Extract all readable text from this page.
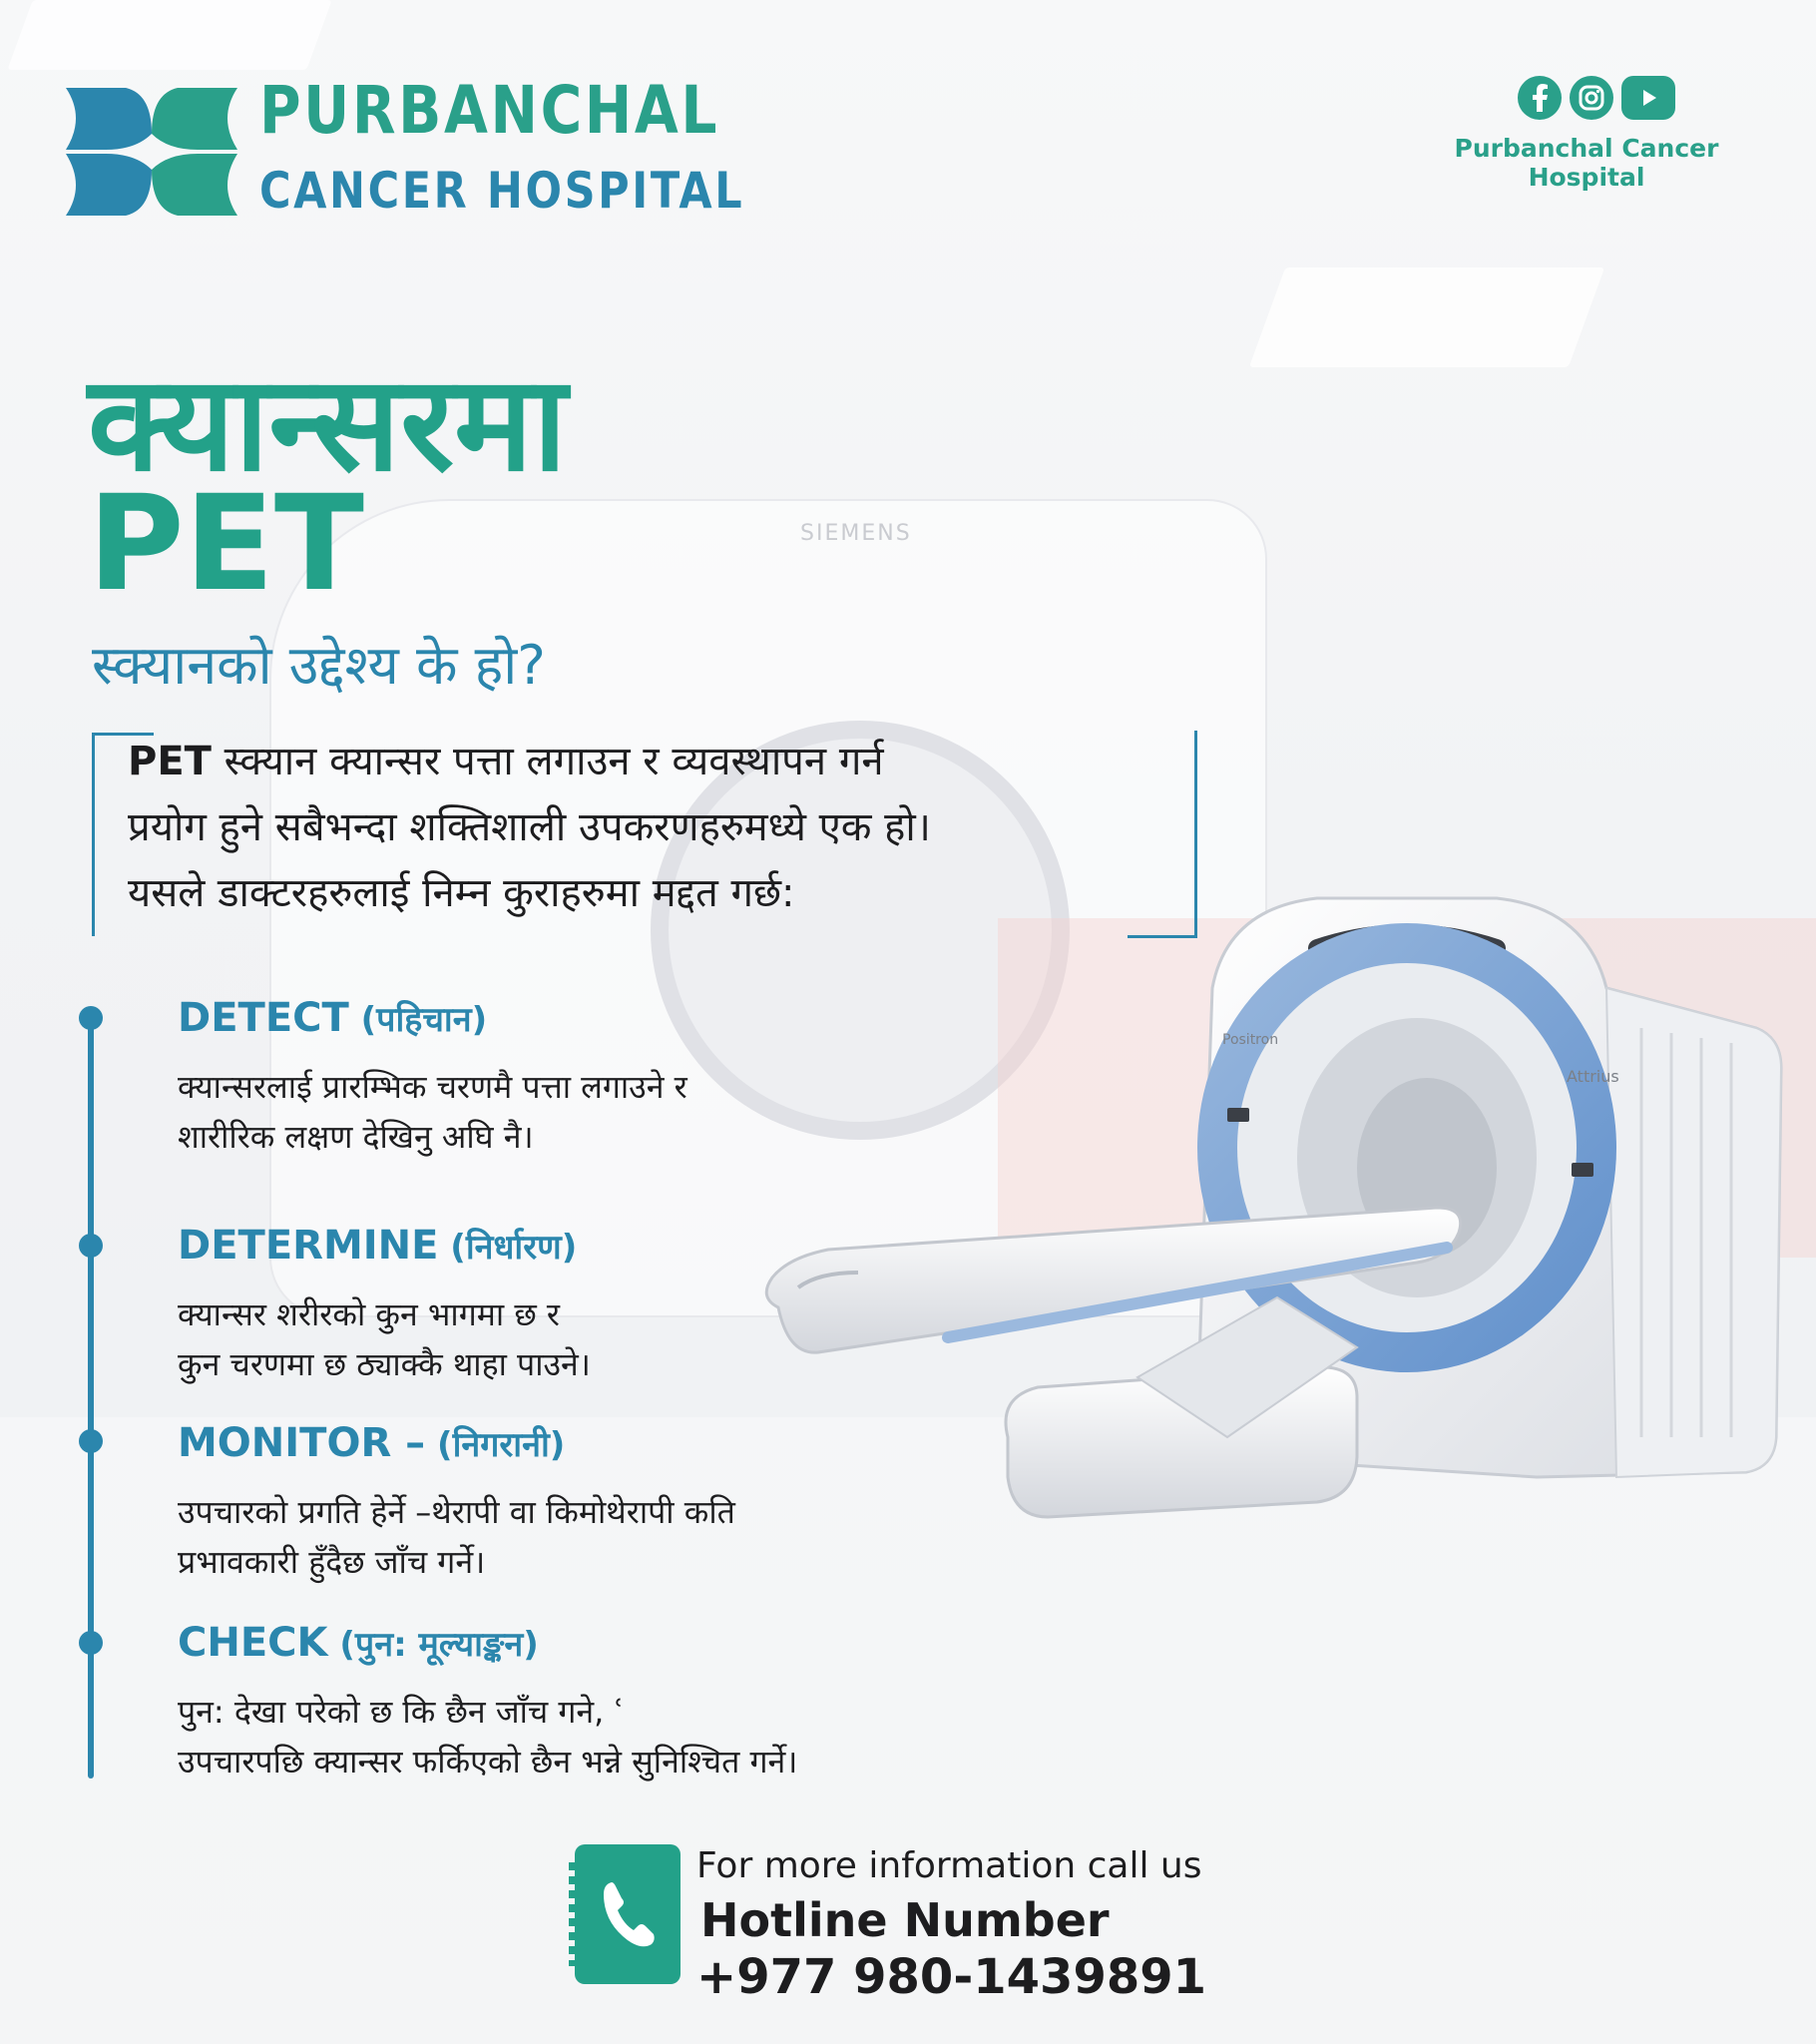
SIEMENS
Positron
Attrius
PURBANCHAL
CANCER HOSPITAL
Purbanchal Cancer Hospital
क्यान्सरमा
PET
स्क्यानको उद्देश्य के हो?
PET स्क्यान क्यान्सर पत्ता लगाउन र व्यवस्थापन गर्न
प्रयोग हुने सबैभन्दा शक्तिशाली उपकरणहरुमध्ये एक हो।
यसले डाक्टरहरुलाई निम्न कुराहरुमा मद्दत गर्छ:
DETECT (पहिचान)
क्यान्सरलाई प्रारम्भिक चरणमै पत्ता लगाउने र
शारीरिक लक्षण देखिनु अघि नै।
DETERMINE (निर्धारण)
क्यान्सर शरीरको कुन भागमा छ र
कुन चरणमा छ ठ्याक्कै थाहा पाउने।
MONITOR – (निगरानी)
उपचारको प्रगति हेर्ने –थेरापी वा किमोथेरापी कति
प्रभावकारी हुँदैछ जाँच गर्ने।
CHECK (पुन: मूल्याङ्कन)
पुन: देखा परेको छ कि छैन जाँच गने, ʿ
उपचारपछि क्यान्सर फर्किएको छैन भन्ने सुनिश्चित गर्ने।
For more information call us
Hotline Number
+977 980-1439891
